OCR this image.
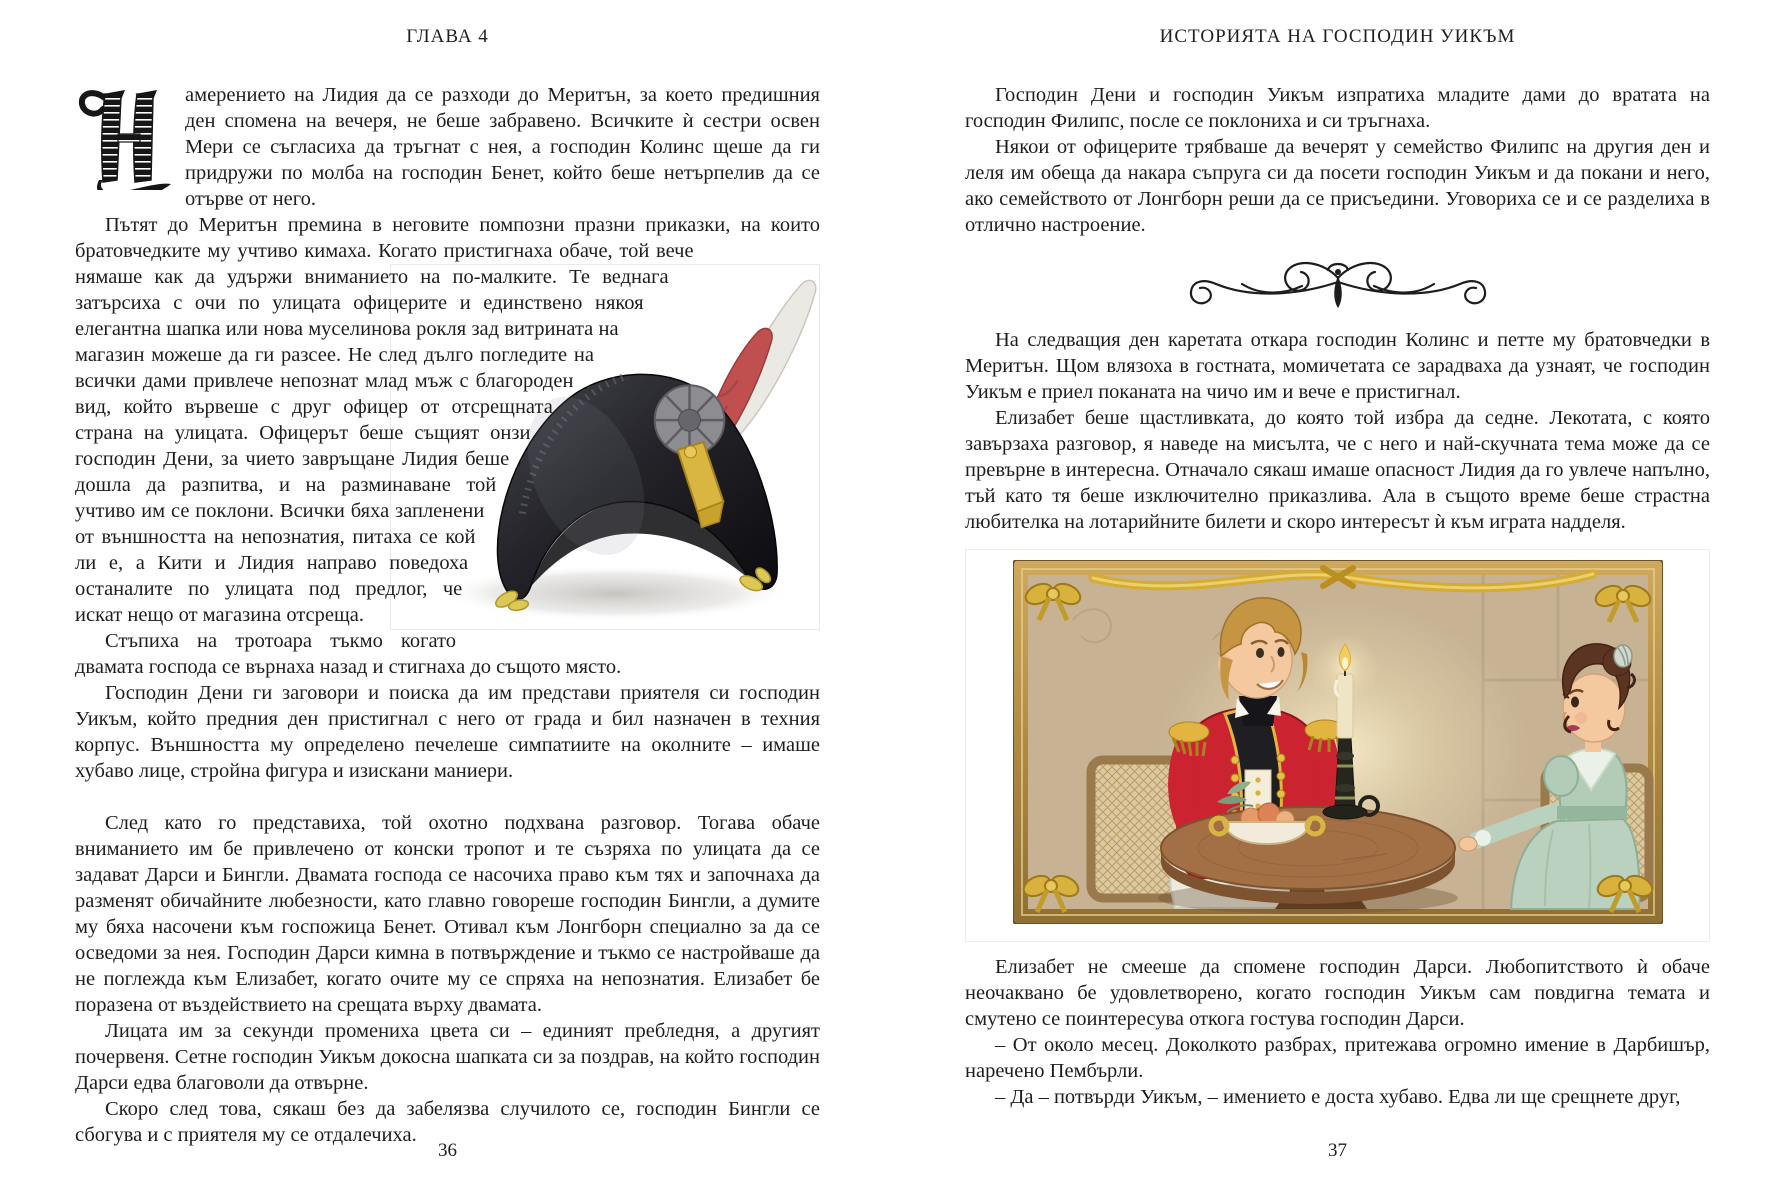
ГЛАВА 4

амерението на Лидия да се разходи до Меритън, за което предишния ден спомена на вечеря, не беше забравено. Всичките ѝ сестри освен Мери се съгласиха да тръгнат с нея, а господин Колинс щеше да ги придружи по молба на господин Бенет, който беше нетърпелив да се отърве от него.

Пътят до Меритън премина в неговите помпозни празни приказки, на които братовчедките му учтиво кимаха. Когато пристигнаха обаче, той вече нямаше как да удържи вниманието на по-малките. Те веднага затърсиха с очи по улицата офицерите и единствено някоя елегантна шапка или нова муселинова рокля зад витрината на магазин можеше да ги разсее. Не след дълго погледите на всички дами привлече непознат млад мъж с благороден вид, който вървеше с друг офицер от отсрещната страна на улицата. Офицерът беше същият онзи господин Дени, за чието завръщане Лидия беше дошла да разпитва, и на разминаване той учтиво им се поклони. Всички бяха запленени от външността на непознатия, питаха се кой ли е, а Кити и Лидия направо поведоха останалите по улицата под предлог, че искат нещо от магазина отсреща.

Стъпиха на тротоара тъкмо когато двамата господа се върнаха назад и стигнаха до същото място.

Господин Дени ги заговори и поиска да им представи приятеля си господин Уикъм, който предния ден пристигнал с него от града и бил назначен в техния корпус. Външността му определено печелеше симпатиите на околните – имаше хубаво лице, стройна фигура и изискани маниери.

След като го представиха, той охотно подхвана разговор. Тогава обаче вниманието им бе привлечено от конски тропот и те съзряха по улицата да се задават Дарси и Бингли. Двамата господа се насочиха право към тях и започнаха да разменят обичайните любезности, като главно говореше господин Бингли, а думите му бяха насочени към госпожица Бенет. Отивал към Лонгборн специално за да се осведоми за нея. Господин Дарси кимна в потвърждение и тъкмо се настройваше да не поглежда към Елизабет, когато очите му се спряха на непознатия. Елизабет бе поразена от въздействието на срещата върху двамата.

Лицата им за секунди промениха цвета си – единият пребледня, а другият почервеня. Сетне господин Уикъм докосна шапката си за поздрав, на който господин Дарси едва благоволи да отвърне.

Скоро след това, сякаш без да забелязва случилото се, господин Бингли се сбогува и с приятеля му се отдалечиха.

36
ИСТОРИЯТА НА ГОСПОДИН УИКЪМ

Господин Дени и господин Уикъм изпратиха младите дами до вратата на господин Филипс, после се поклониха и си тръгнаха.

Някои от офицерите трябваше да вечерят у семейство Филипс на другия ден и леля им обеща да накара съпруга си да посети господин Уикъм и да покани и него, ако семейството от Лонгборн реши да се присъедини. Уговориха се и се разделиха в отлично настроение.

На следващия ден каретата откара господин Колинс и петте му братовчедки в Меритън. Щом влязоха в гостната, момичетата се зарадваха да узнаят, че господин Уикъм е приел поканата на чичо им и вече е пристигнал.

Елизабет беше щастливката, до която той избра да седне. Лекотата, с която завързаха разговор, я наведе на мисълта, че с него и най-скучната тема може да се превърне в интересна. Отначало сякаш имаше опасност Лидия да го увлече напълно, тъй като тя беше изключително приказлива. Ала в същото време беше страстна любителка на лотарийните билети и скоро интересът ѝ към играта надделя.

Елизабет не смееше да спомене господин Дарси. Любопитството ѝ обаче неочаквано бе удовлетворено, когато господин Уикъм сам повдигна темата и смутено се поинтересува откога гостува господин Дарси.

– От около месец. Доколкото разбрах, притежава огромно имение в Дарбишър, наречено Пембърли.

– Да – потвърди Уикъм, – имението е доста хубаво. Едва ли ще срещнете друг,

37
